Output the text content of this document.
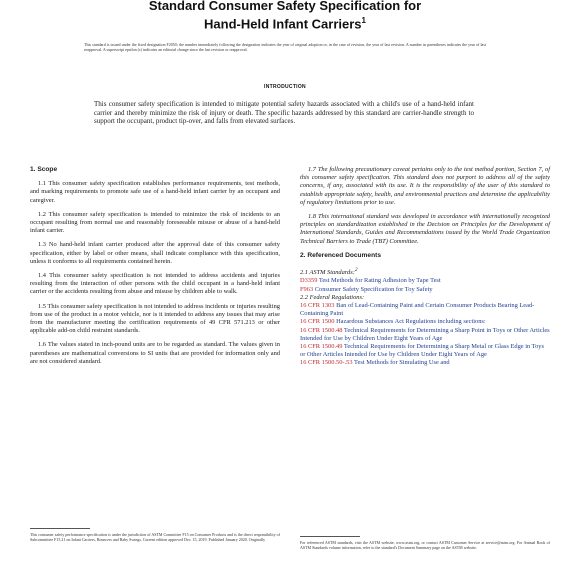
Standard Consumer Safety Specification for
Hand-Held Infant Carriers$^1$
This standard is issued under the fixed designation F2050; the number immediately following the designation indicates the year of original adoption or, in the case of revision, the year of last revision. A number in parentheses indicates the year of last reapproval. A superscript epsilon (ε) indicates an editorial change since the last revision or reapproval.
INTRODUCTION
This consumer safety specification is intended to mitigate potential safety hazards associated with a child's use of a hand-held infant carrier and thereby minimize the risk of injury or death. The specific hazards addressed by this standard are carrier-handle strength to support the occupant, product tip-over, and falls from elevated surfaces.
1. Scope

1.1 This consumer safety specification establishes performance requirements, test methods, and marking requirements to promote safe use of a hand-held infant carrier by an occupant and caregiver.

1.2 This consumer safety specification is intended to minimize the risk of incidents to an occupant resulting from normal use and reasonably foreseeable misuse or abuse of a hand-held infant carrier.

1.3 No hand-held infant carrier produced after the approval date of this consumer safety specification, either by label or other means, shall indicate compliance with this specification, unless it conforms to all requirements contained herein.

1.4 This consumer safety specification is not intended to address accidents and injuries resulting from the interaction of other persons with the child occupant in a hand-held infant carrier or the accidents resulting from abuse and misuse by children able to walk.

1.5 This consumer safety specification is not intended to address incidents or injuries resulting from use of the product in a motor vehicle, nor is it intended to address any issues that may arise from the manufacturer meeting the certification requirements of 49 CFR 571.213 or other applicable add-on child restraint standards.

1.6 The values stated in inch-pound units are to be regarded as standard. The values given in parentheses are mathematical conversions to SI units that are provided for information only and are not considered standard.

1.7 The following precautionary caveat pertains only to the test method portion, Section 7, of this consumer safety specification. This standard does not purport to address all of the safety concerns, if any, associated with its use. It is the responsibility of the user of this standard to establish appropriate safety, health, and environmental practices and determine the applicability of regulatory limitations prior to use.

1.8 This international standard was developed in accordance with internationally recognized principles on standardization established in the Decision on Principles for the Development of International Standards, Guides and Recommendations issued by the World Trade Organization Technical Barriers to Trade (TBT) Committee.

2. Referenced Documents

2.1 ASTM Standards:$^2$

D3359 Test Methods for Rating Adhesion by Tape Test

F963 Consumer Safety Specification for Toy Safety

2.2 Federal Regulations:

16 CFR 1303 Ban of Lead-Containing Paint and Certain Consumer Products Bearing Lead-Containing Paint

16 CFR 1500 Hazardous Substances Act Regulations including sections:

16 CFR 1500.48 Technical Requirements for Determining a Sharp Point in Toys or Other Articles Intended for Use by Children Under Eight Years of Age

16 CFR 1500.49 Technical Requirements for Determining a Sharp Metal or Glass Edge in Toys or Other Articles Intended for Use by Children Under Eight Years of Age

16 CFR 1500.50-.53 Test Methods for Simulating Use and

This consumer safety performance specification is under the jurisdiction of ASTM Committee F15 on Consumer Products and is the direct responsibility of Subcommittee F15.21 on Infant Carriers, Bouncers and Baby Swings. Current edition approved Dec. 15, 2019. Published January 2020. Originally
For referenced ASTM standards, visit the ASTM website, www.astm.org, or contact ASTM Customer Service at service@astm.org. For Annual Book of ASTM Standards volume information, refer to the standard's Document Summary page on the ASTM website.
